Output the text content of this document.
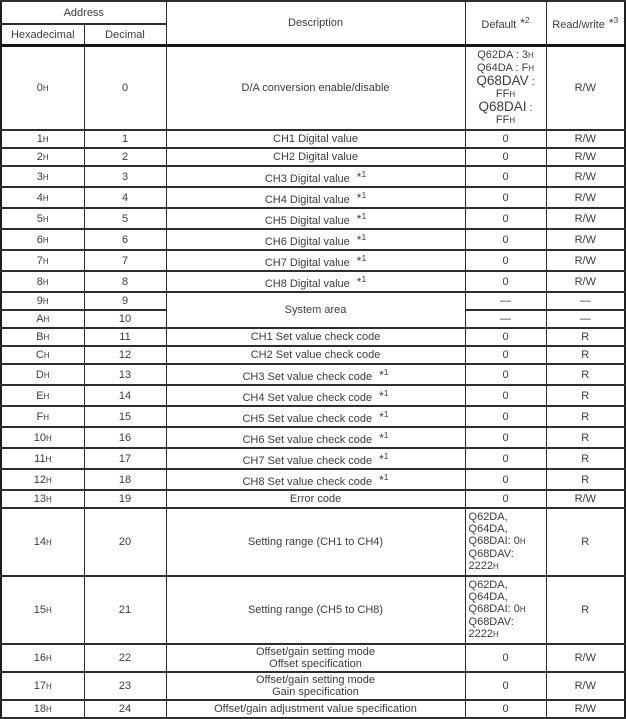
Address		Description	Default *$^2$	Read/write *$^3$
Hexadecimal	Decimal			
0H	0	D/A conversion enable/disable	Q62DA : 3H
Q64DA : FH
Q68DAV : FFH
Q68DAI : FFH	R/W
1H	1	CH1 Digital value	0	R/W
2H	2	CH2 Digital value	0	R/W
3H	3	CH3 Digital value *$^1$	0	R/W
4H	4	CH4 Digital value *$^1$	0	R/W
5H	5	CH5 Digital value *$^1$	0	R/W
6H	6	CH6 Digital value *$^1$	0	R/W
7H	7	CH7 Digital value *$^1$	0	R/W
8H	8	CH8 Digital value *$^1$	0	R/W
9H	9	System area	—	—
AH	10		—	—
BH	11	CH1 Set value check code	0	R
CH	12	CH2 Set value check code	0	R
DH	13	CH3 Set value check code *$^1$	0	R
EH	14	CH4 Set value check code *$^1$	0	R
FH	15	CH5 Set value check code *$^1$	0	R
10H	16	CH6 Set value check code *$^1$	0	R
11H	17	CH7 Set value check code *$^1$	0	R
12H	18	CH8 Set value check code *$^1$	0	R
13H	19	Error code	0	R/W
14H	20	Setting range (CH1 to CH4)	Q62DA, Q64DA,
Q68DAI: 0H
Q68DAV: 2222H	R
15H	21	Setting range (CH5 to CH8)	Q62DA, Q64DA,
Q68DAI: 0H
Q68DAV: 2222H	R
16H	22	Offset/gain setting mode
Offset specification	0	R/W
17H	23	Offset/gain setting mode
Gain specification	0	R/W
18H	24	Offset/gain adjustment value specification	0	R/W
